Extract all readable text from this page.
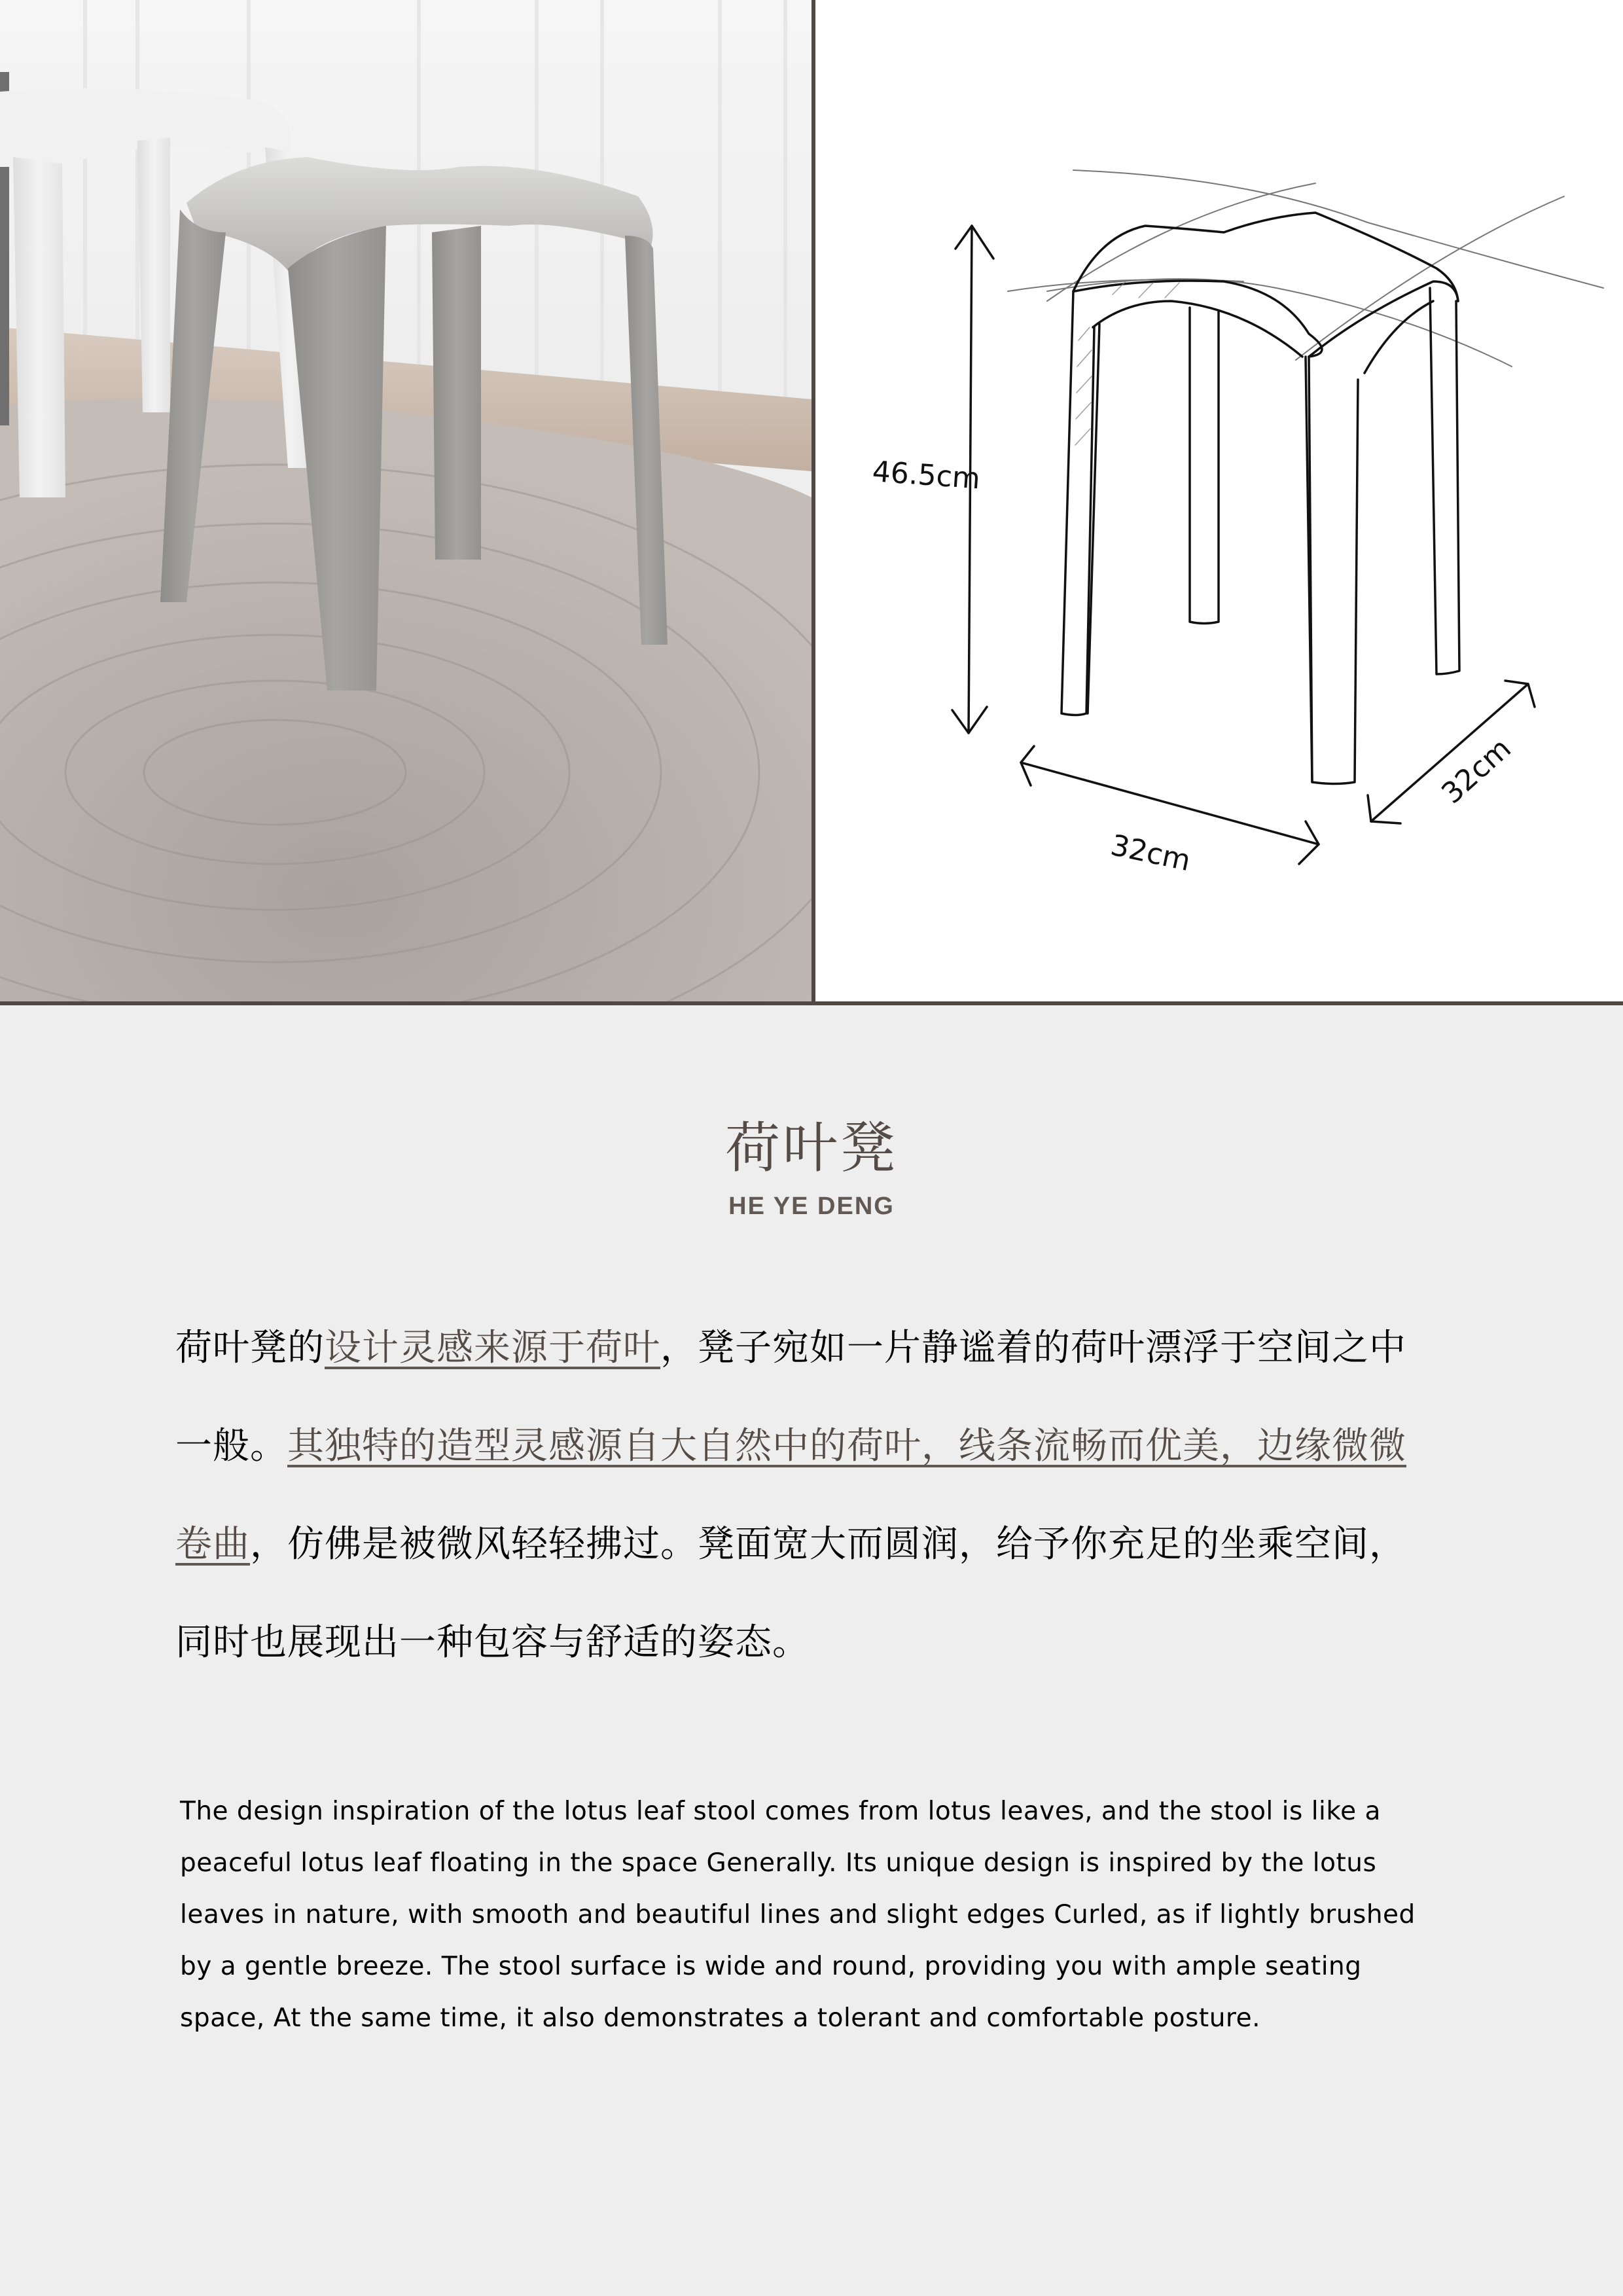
46.5cm
32cm
32cm
荷叶凳
HE YE DENG
荷叶凳的设计灵感来源于荷叶，凳子宛如一片静谧着的荷叶漂浮于空间之中
一般。其独特的造型灵感源自大自然中的荷叶，线条流畅而优美，边缘微微
卷曲，仿佛是被微风轻轻拂过。凳面宽大而圆润，给予你充足的坐乘空间，
同时也展现出一种包容与舒适的姿态。
The design inspiration of the lotus leaf stool comes from lotus leaves, and the stool is like a
peaceful lotus leaf floating in the space Generally. Its unique design is inspired by the lotus
leaves in nature, with smooth and beautiful lines and slight edges Curled, as if lightly brushed
by a gentle breeze. The stool surface is wide and round, providing you with ample seating
space, At the same time, it also demonstrates a tolerant and comfortable posture.
